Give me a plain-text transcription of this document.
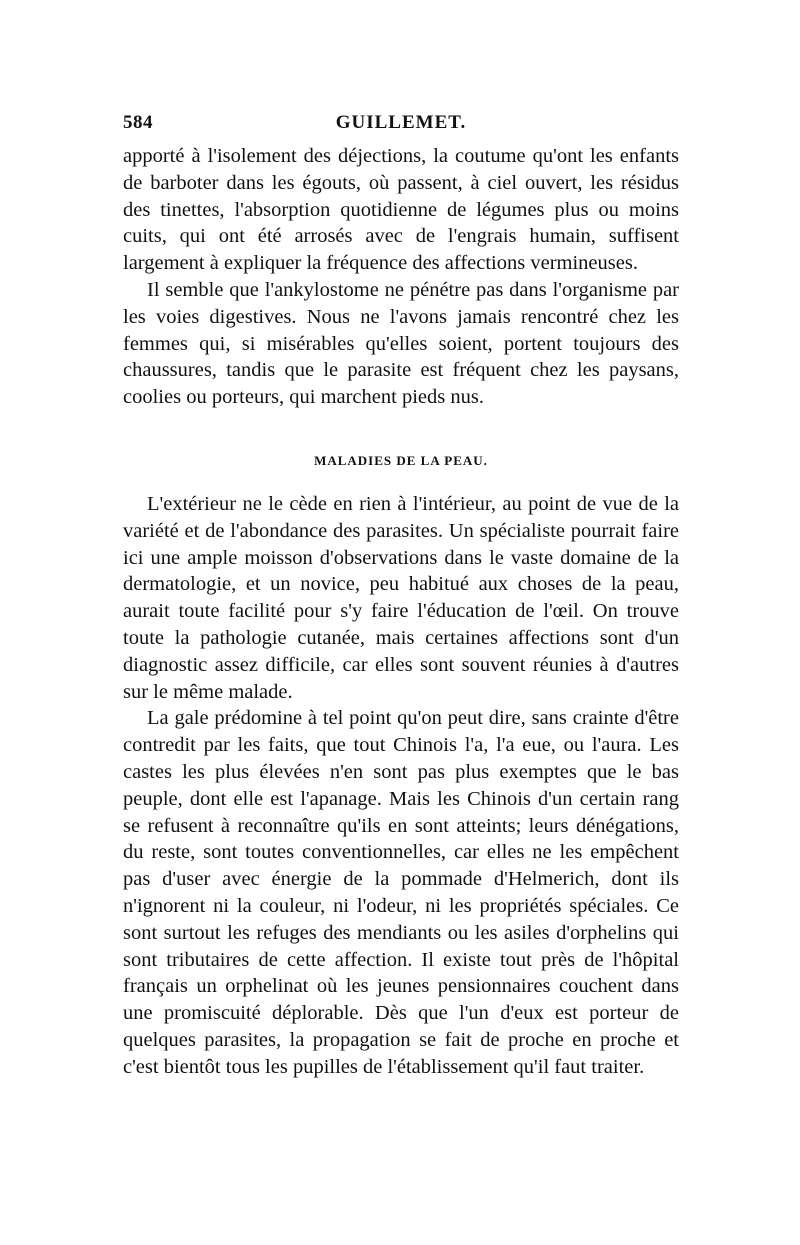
584	GUILLEMET.

apporté à l'isolement des déjections, la coutume qu'ont les enfants de barboter dans les égouts, où passent, à ciel ouvert, les résidus des tinettes, l'absorption quotidienne de légumes plus ou moins cuits, qui ont été arrosés avec de l'engrais humain, suffisent largement à expliquer la fréquence des affections vermineuses.

Il semble que l'ankylostome ne pénétre pas dans l'organisme par les voies digestives. Nous ne l'avons jamais rencontré chez les femmes qui, si misérables qu'elles soient, portent toujours des chaussures, tandis que le parasite est fréquent chez les paysans, coolies ou porteurs, qui marchent pieds nus.

MALADIES DE LA PEAU.

L'extérieur ne le cède en rien à l'intérieur, au point de vue de la variété et de l'abondance des parasites. Un spécialiste pourrait faire ici une ample moisson d'observations dans le vaste domaine de la dermatologie, et un novice, peu habitué aux choses de la peau, aurait toute facilité pour s'y faire l'éducation de l'œil. On trouve toute la pathologie cutanée, mais certaines affections sont d'un diagnostic assez difficile, car elles sont souvent réunies à d'autres sur le même malade.

La gale prédomine à tel point qu'on peut dire, sans crainte d'être contredit par les faits, que tout Chinois l'a, l'a eue, ou l'aura. Les castes les plus élevées n'en sont pas plus exemptes que le bas peuple, dont elle est l'apanage. Mais les Chinois d'un certain rang se refusent à reconnaître qu'ils en sont atteints; leurs dénégations, du reste, sont toutes conventionnelles, car elles ne les empêchent pas d'user avec énergie de la pommade d'Helmerich, dont ils n'ignorent ni la couleur, ni l'odeur, ni les propriétés spéciales. Ce sont surtout les refuges des mendiants ou les asiles d'orphelins qui sont tributaires de cette affection. Il existe tout près de l'hôpital français un orphelinat où les jeunes pensionnaires couchent dans une promiscuité déplorable. Dès que l'un d'eux est porteur de quelques parasites, la propagation se fait de proche en proche et c'est bientôt tous les pupilles de l'établissement qu'il faut traiter.
